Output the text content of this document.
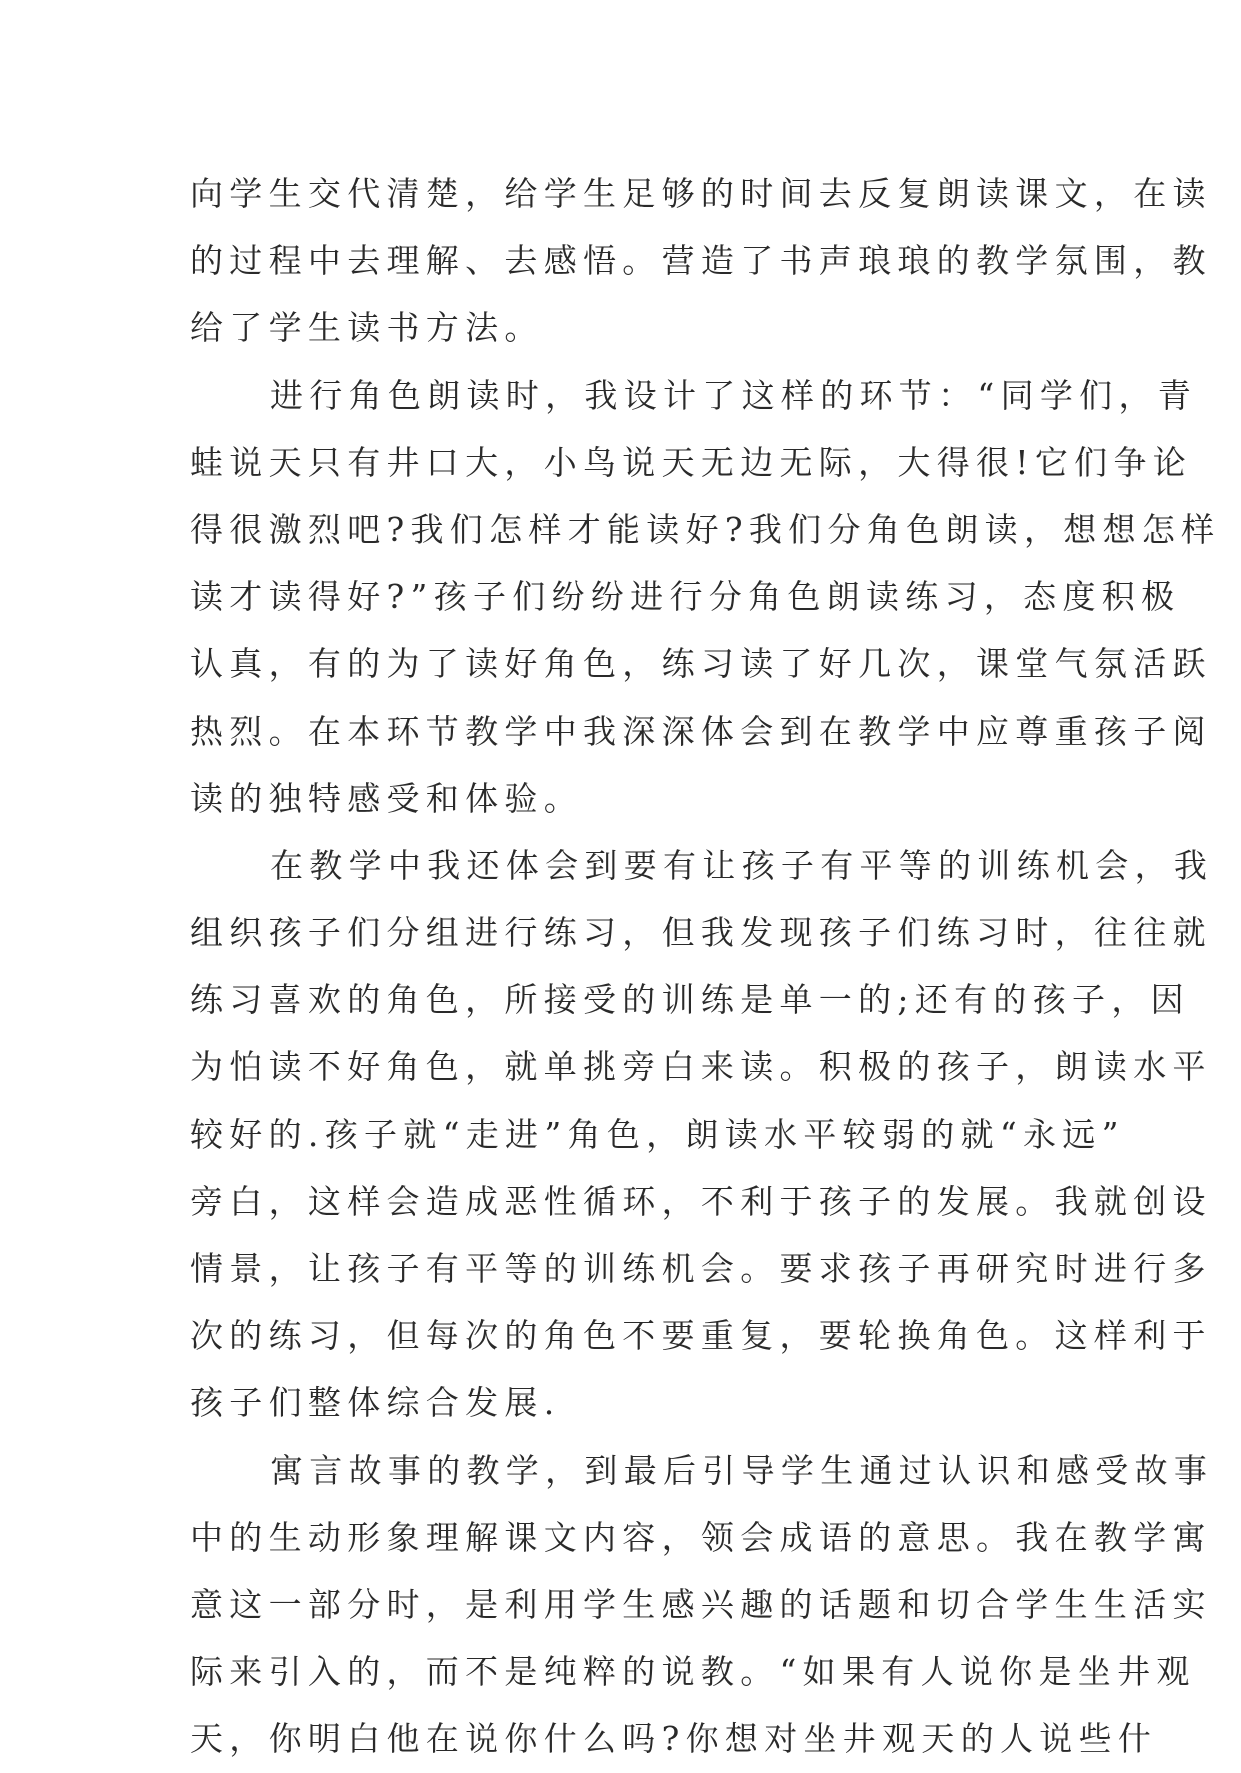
向学生交代清楚，给学生足够的时间去反复朗读课文，在读
的过程中去理解、去感悟。营造了书声琅琅的教学氛围，教
给了学生读书方法。
进行角色朗读时，我设计了这样的环节：“同学们，青
蛙说天只有井口大，小鸟说天无边无际，大得很!它们争论
得很激烈吧?我们怎样才能读好?我们分角色朗读，想想怎样
读才读得好?”孩子们纷纷进行分角色朗读练习，态度积极
认真，有的为了读好角色，练习读了好几次，课堂气氛活跃
热烈。在本环节教学中我深深体会到在教学中应尊重孩子阅
读的独特感受和体验。
在教学中我还体会到要有让孩子有平等的训练机会，我
组织孩子们分组进行练习，但我发现孩子们练习时，往往就
练习喜欢的角色，所接受的训练是单一的;还有的孩子，因
为怕读不好角色，就单挑旁白来读。积极的孩子，朗读水平
较好的.孩子就“走进”角色，朗读水平较弱的就“永远”
旁白，这样会造成恶性循环，不利于孩子的发展。我就创设
情景，让孩子有平等的训练机会。要求孩子再研究时进行多
次的练习，但每次的角色不要重复，要轮换角色。这样利于
孩子们整体综合发展.
寓言故事的教学，到最后引导学生通过认识和感受故事
中的生动形象理解课文内容，领会成语的意思。我在教学寓
意这一部分时，是利用学生感兴趣的话题和切合学生生活实
际来引入的，而不是纯粹的说教。“如果有人说你是坐井观
天，你明白他在说你什么吗?你想对坐井观天的人说些什
